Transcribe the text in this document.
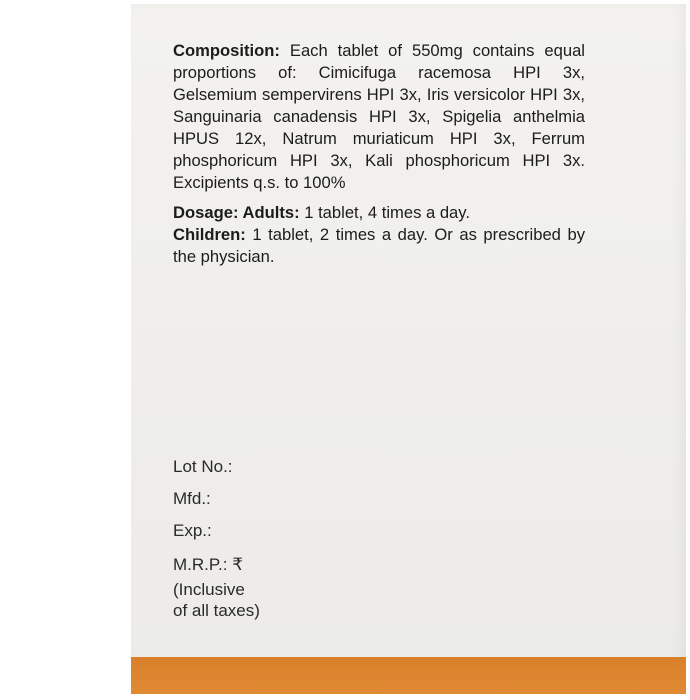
Composition: Each tablet of 550mg contains equal proportions of: Cimicifuga racemosa HPI 3x, Gelsemium sempervirens HPI 3x, Iris versicolor HPI 3x, Sanguinaria canadensis HPI 3x, Spigelia anthelmia HPUS 12x, Natrum muriaticum HPI 3x, Ferrum phosphoricum HPI 3x, Kali phosphoricum HPI 3x. Excipients q.s. to 100%

Dosage: Adults: 1 tablet, 4 times a day.

Children: 1 tablet, 2 times a day. Or as prescribed by the physician.

Lot No.:
Mfd.:
Exp.:
M.R.P.: ₹
(Inclusive
of all taxes)
